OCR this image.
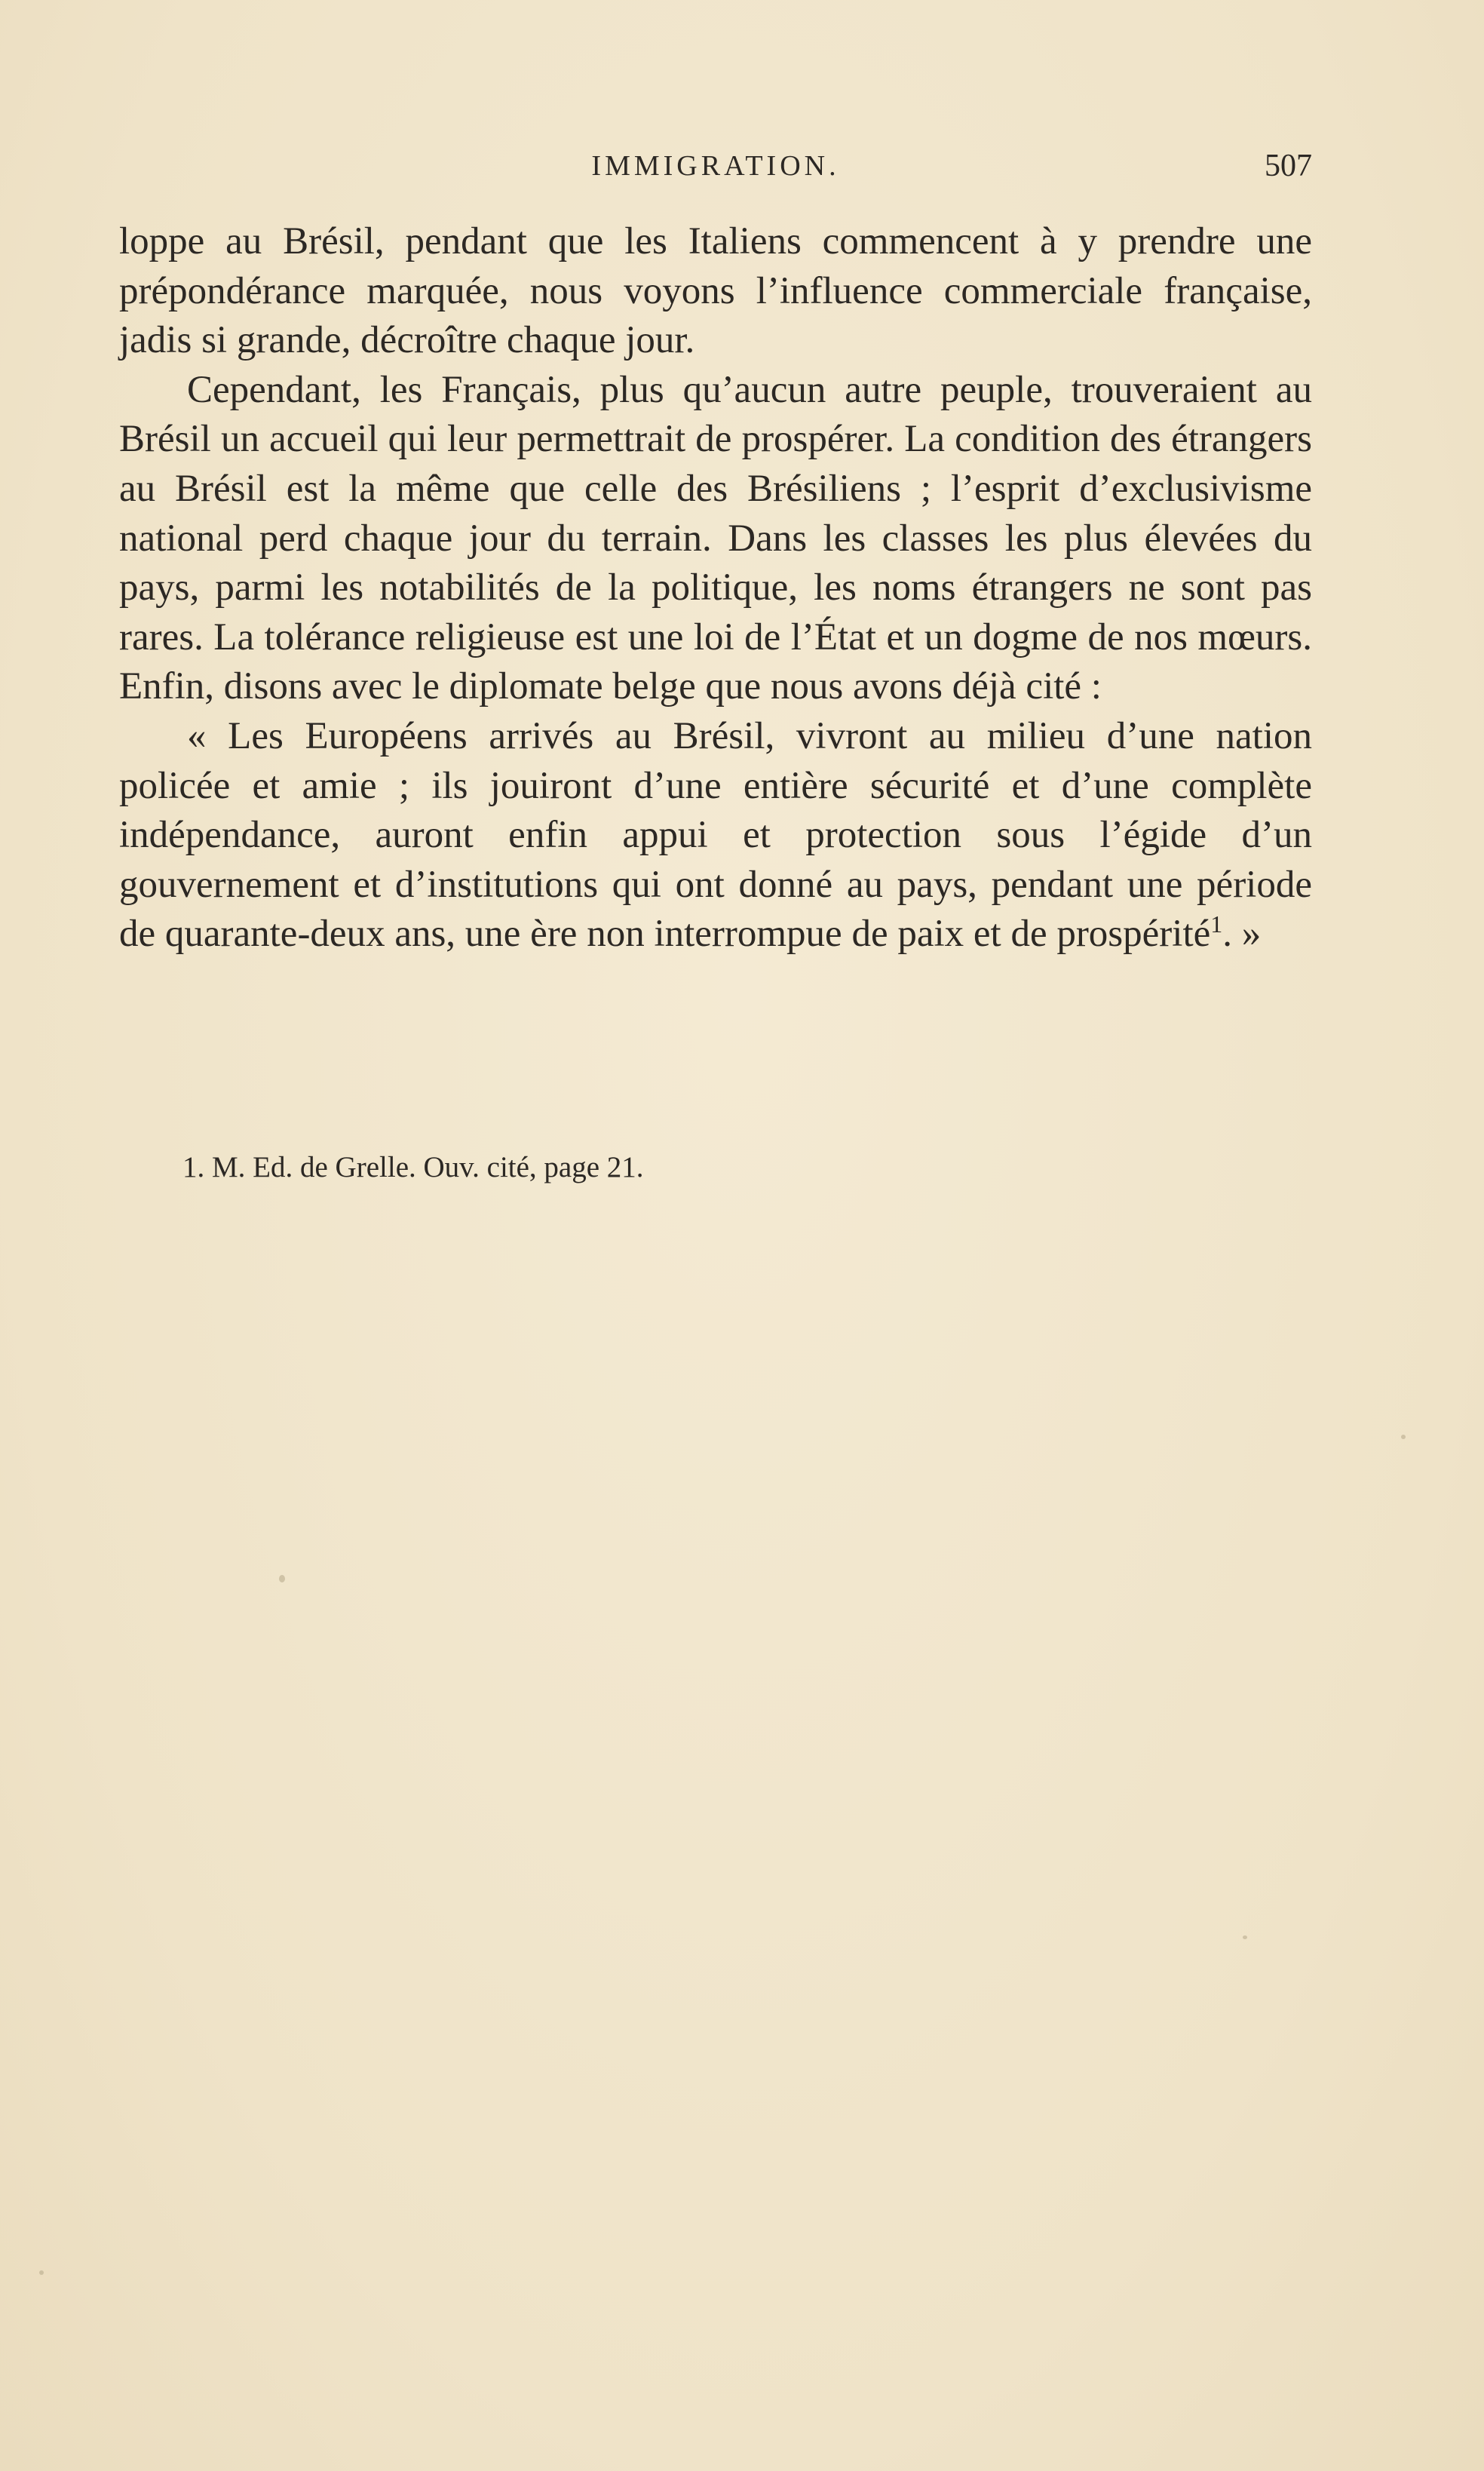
IMMIGRATION.	507

loppe au Brésil, pendant que les Italiens commencent à y prendre une prépondérance marquée, nous voyons l’influence commerciale française, jadis si grande, décroître chaque jour.

Cependant, les Français, plus qu’aucun autre peuple, trouveraient au Brésil un accueil qui leur permettrait de prospérer. La condition des étrangers au Brésil est la même que celle des Brésiliens ; l’esprit d’exclusivisme national perd chaque jour du terrain. Dans les classes les plus élevées du pays, parmi les notabilités de la politique, les noms étrangers ne sont pas rares. La tolérance religieuse est une loi de l’État et un dogme de nos mœurs. Enfin, disons avec le diplomate belge que nous avons déjà cité :

« Les Européens arrivés au Brésil, vivront au milieu d’une nation policée et amie ; ils jouiront d’une entière sécurité et d’une complète indépendance, auront enfin appui et protection sous l’égide d’un gouvernement et d’institutions qui ont donné au pays, pendant une période de quarante-deux ans, une ère non interrompue de paix et de prospérité$^1$. »

1. M. Ed. de Grelle. Ouv. cité, page 21.
